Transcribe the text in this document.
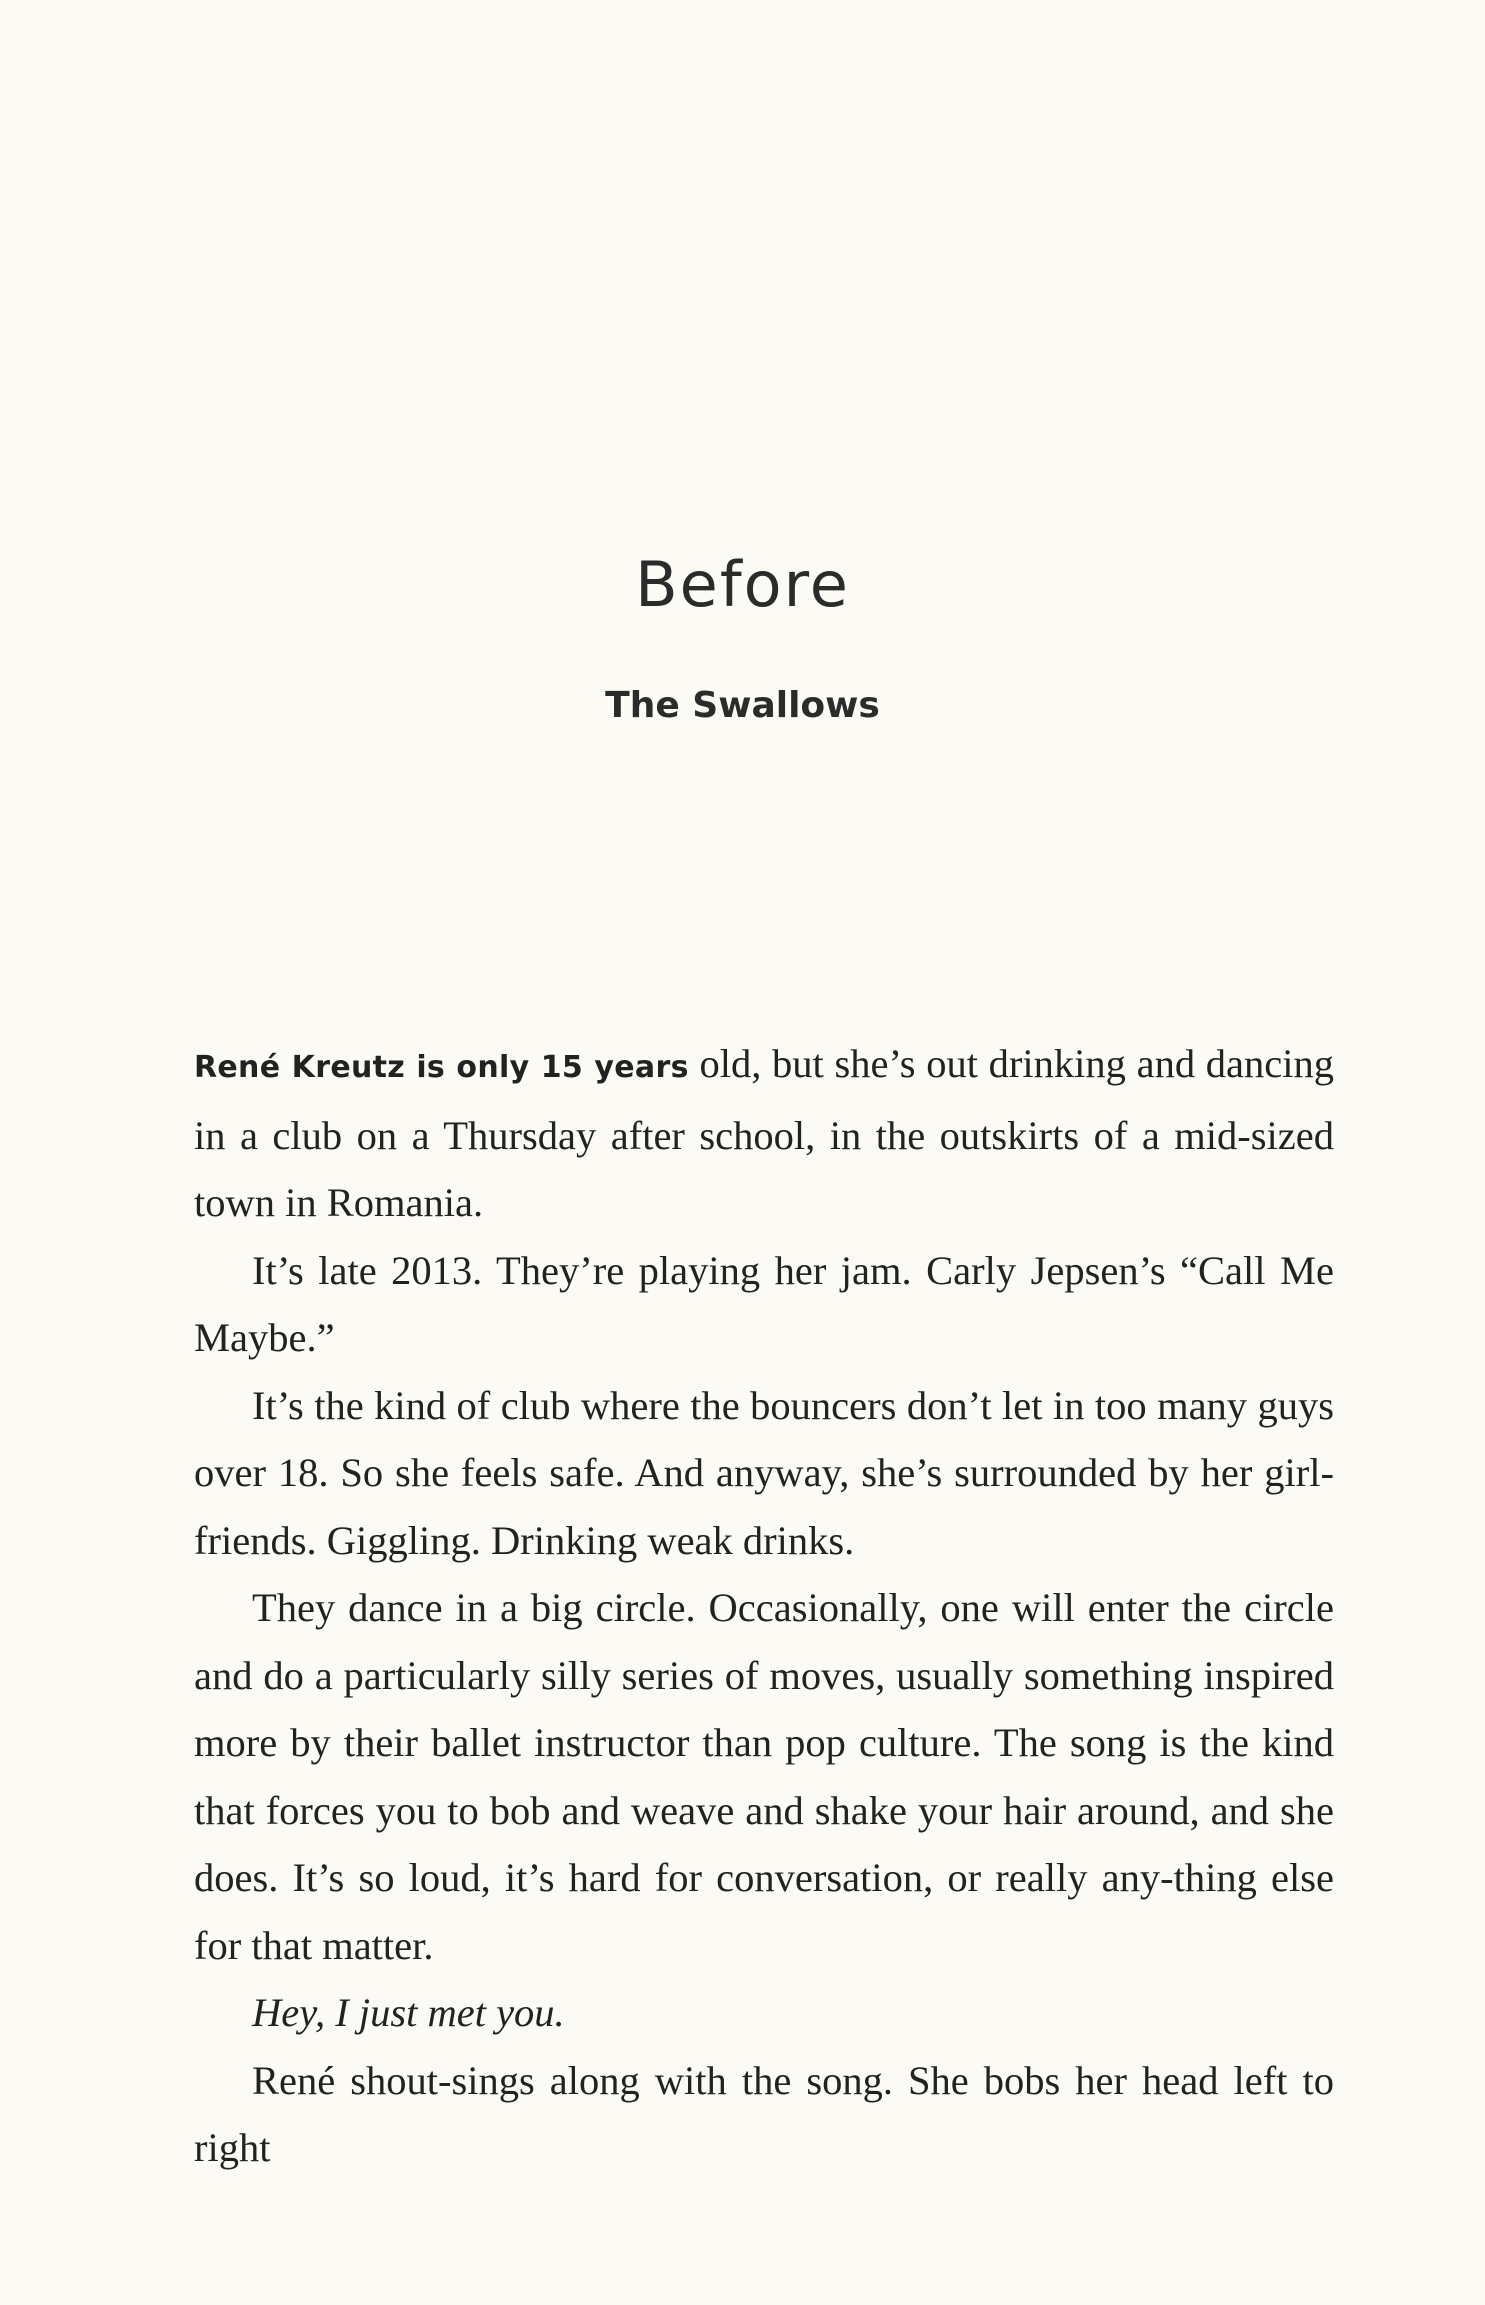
Before
The Swallows

René Kreutz is only 15 years old, but she’s out drinking and dancing in a club on a Thursday after school, in the outskirts of a mid-sized town in Romania.

It’s late 2013. They’re playing her jam. Carly Jepsen’s “Call Me Maybe.”

It’s the kind of club where the bouncers don’t let in too many guys over 18. So she feels safe. And anyway, she’s surrounded by her girl-friends. Giggling. Drinking weak drinks.

They dance in a big circle. Occasionally, one will enter the circle and do a particularly silly series of moves, usually something inspired more by their ballet instructor than pop culture. The song is the kind that forces you to bob and weave and shake your hair around, and she does. It’s so loud, it’s hard for conversation, or really any-thing else for that matter.

Hey, I just met you.

René shout-sings along with the song. She bobs her head left to right
